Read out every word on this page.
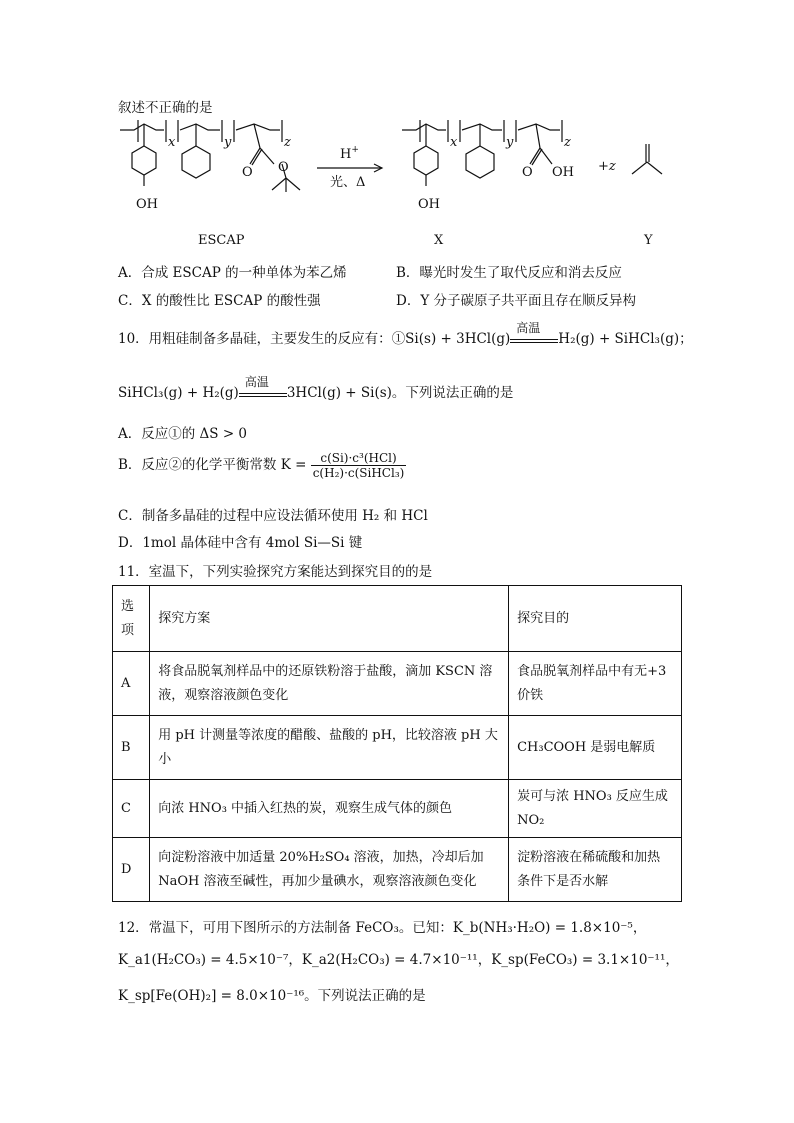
叙述不正确的是
OH
O O
x	y	z
H+
光、Δ
OH
O OH
x	y	z
+z
ESCAP	X	Y
A．合成 ESCAP 的一种单体为苯乙烯	B．曝光时发生了取代反应和消去反应
C．X 的酸性比 ESCAP 的酸性强	D．Y 分子碳原子共平面且存在顺反异构
10．用粗硅制备多晶硅，主要发生的反应有：①Si(s) + 3HCl(g)
高温
H₂(g) + SiHCl₃(g)；
SiHCl₃(g) + H₂(g)
高温
3HCl(g) + Si(s)。下列说法正确的是
A．反应①的 ΔS > 0
B．反应②的化学平衡常数 $K = \frac{\text{c(Si)·c³(HCl)}}{\text{c(H₂)·c(SiHCl₃)}}$
C．制备多晶硅的过程中应设法循环使用 H₂ 和 HCl
D．1mol 晶体硅中含有 4mol Si—Si 键
11．室温下，下列实验探究方案能达到探究目的的是
选项	探究方案	探究目的
A	将食品脱氧剂样品中的还原铁粉溶于盐酸，滴加 KSCN 溶液，观察溶液颜色变化	食品脱氧剂样品中有无+3 价铁
B	用 pH 计测量等浓度的醋酸、盐酸的 pH，比较溶液 pH 大小	CH₃COOH 是弱电解质
C	向浓 HNO₃ 中插入红热的炭，观察生成气体的颜色	炭可与浓 HNO₃ 反应生成 NO₂
D	向淀粉溶液中加适量 20%H₂SO₄ 溶液，加热，冷却后加 NaOH 溶液至碱性，再加少量碘水，观察溶液颜色变化	淀粉溶液在稀硫酸和加热条件下是否水解
12．常温下，可用下图所示的方法制备 FeCO₃。已知：K_b(NH₃·H₂O) = 1.8×10⁻⁵，
K_a1(H₂CO₃) = 4.5×10⁻⁷，K_a2(H₂CO₃) = 4.7×10⁻¹¹，K_sp(FeCO₃) = 3.1×10⁻¹¹，
K_sp[Fe(OH)₂] = 8.0×10⁻¹⁶。下列说法正确的是
